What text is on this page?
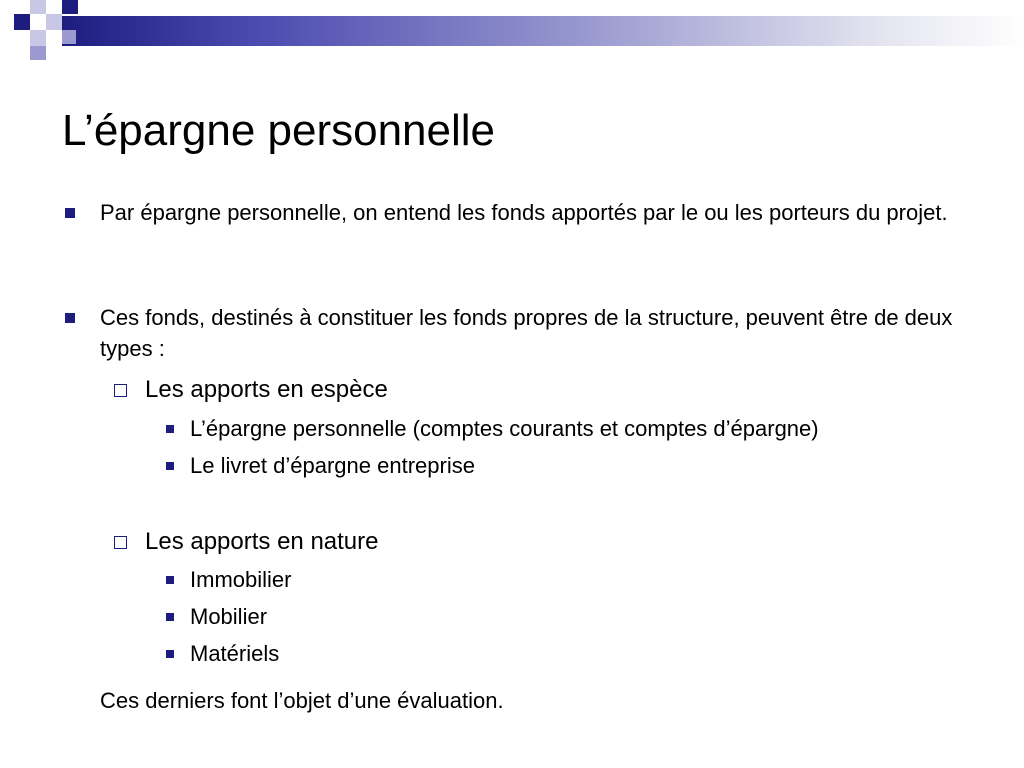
L’épargne personnelle
Par épargne personnelle, on entend les fonds apportés par le ou les porteurs du projet.
Ces fonds, destinés à constituer les fonds propres de la structure, peuvent être de deux types :
Les apports en espèce
L’épargne personnelle (comptes courants et comptes d’épargne)
Le livret d’épargne entreprise
Les apports en nature
Immobilier
Mobilier
Matériels
Ces derniers font l’objet d’une évaluation.
